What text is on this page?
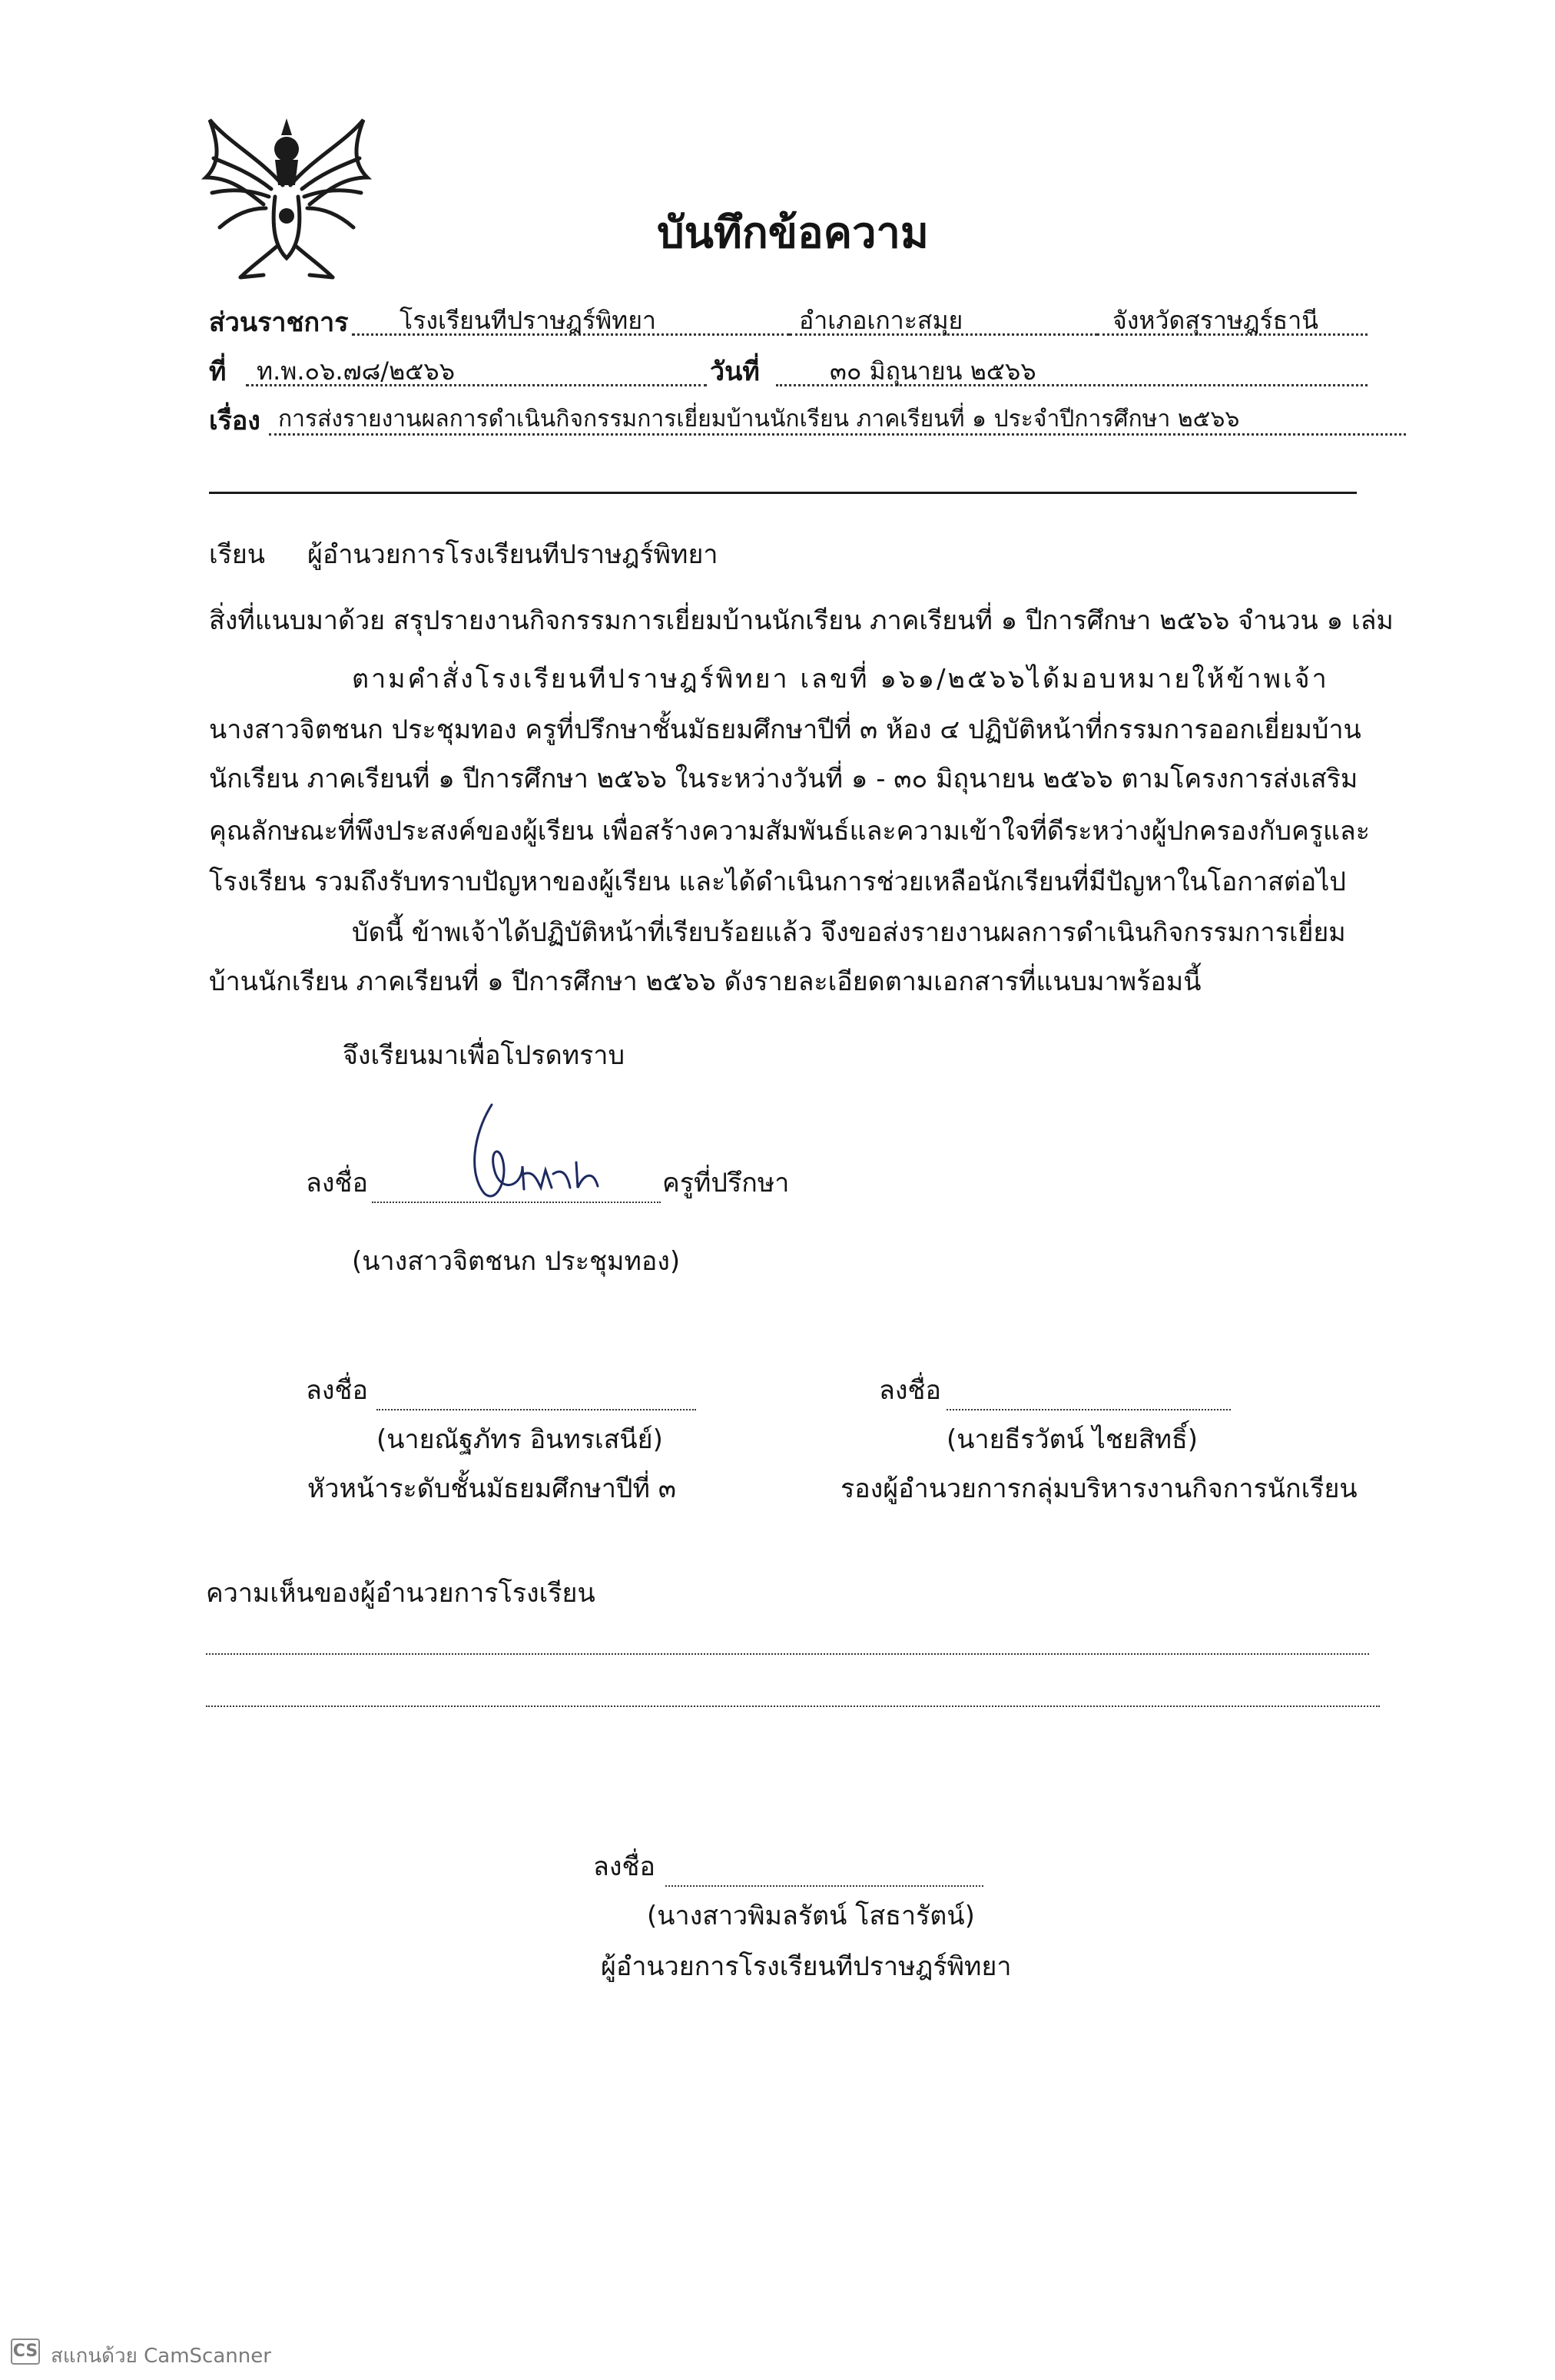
บันทึกข้อความ
ส่วนราชการ โรงเรียนทีปราษฎร์พิทยา	อำเภอเกาะสมุย	จังหวัดสุราษฎร์ธานี
ที่ ท.พ.๐๖.๗๘/๒๕๖๖	วันที่	๓๐ มิถุนายน ๒๕๖๖
เรื่อง การส่งรายงานผลการดำเนินกิจกรรมการเยี่ยมบ้านนักเรียน ภาคเรียนที่ ๑ ประจำปีการศึกษา ๒๕๖๖
เรียน ผู้อำนวยการโรงเรียนทีปราษฎร์พิทยา
สิ่งที่แนบมาด้วย สรุปรายงานกิจกรรมการเยี่ยมบ้านนักเรียน ภาคเรียนที่ ๑ ปีการศึกษา ๒๕๖๖ จำนวน ๑ เล่ม
ตามคำสั่งโรงเรียนทีปราษฎร์พิทยา เลขที่ ๑๖๑/๒๕๖๖ได้มอบหมายให้ข้าพเจ้า
นางสาวจิตชนก ประชุมทอง ครูที่ปรึกษาชั้นมัธยมศึกษาปีที่ ๓ ห้อง ๔ ปฏิบัติหน้าที่กรรมการออกเยี่ยมบ้าน
นักเรียน ภาคเรียนที่ ๑ ปีการศึกษา ๒๕๖๖ ในระหว่างวันที่ ๑ - ๓๐ มิถุนายน ๒๕๖๖ ตามโครงการส่งเสริม
คุณลักษณะที่พึงประสงค์ของผู้เรียน เพื่อสร้างความสัมพันธ์และความเข้าใจที่ดีระหว่างผู้ปกครองกับครูและ
โรงเรียน รวมถึงรับทราบปัญหาของผู้เรียน และได้ดำเนินการช่วยเหลือนักเรียนที่มีปัญหาในโอกาสต่อไป
บัดนี้ ข้าพเจ้าได้ปฏิบัติหน้าที่เรียบร้อยแล้ว จึงขอส่งรายงานผลการดำเนินกิจกรรมการเยี่ยม
บ้านนักเรียน ภาคเรียนที่ ๑ ปีการศึกษา ๒๕๖๖ ดังรายละเอียดตามเอกสารที่แนบมาพร้อมนี้
จึงเรียนมาเพื่อโปรดทราบ
ลงชื่อ	ครูที่ปรึกษา
(นางสาวจิตชนก ประชุมทอง)
ลงชื่อ
(นายณัฐภัทร อินทรเสนีย์)
หัวหน้าระดับชั้นมัธยมศึกษาปีที่ ๓
ลงชื่อ
(นายธีรวัตน์ ไชยสิทธิ์)
รองผู้อำนวยการกลุ่มบริหารงานกิจการนักเรียน
ความเห็นของผู้อำนวยการโรงเรียน
ลงชื่อ
(นางสาวพิมลรัตน์ โสธารัตน์)
ผู้อำนวยการโรงเรียนทีปราษฎร์พิทยา
CS สแกนด้วย CamScanner
